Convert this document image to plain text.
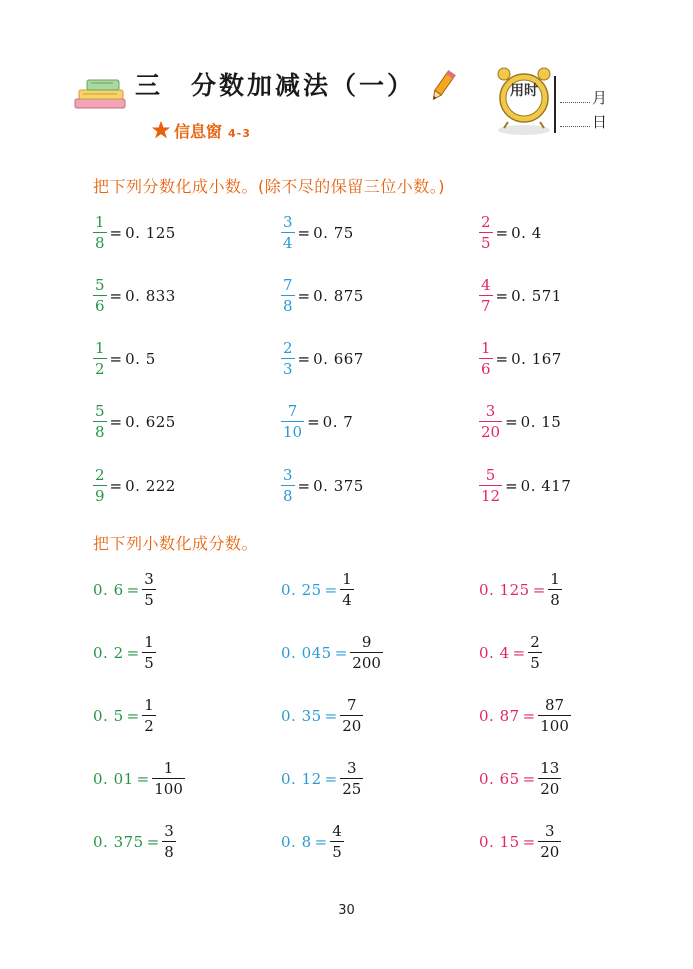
三 分数加减法（一）	用时	月
日
信息窗 4-3
把下列分数化成小数。(除不尽的保留三位小数。)
$\frac{1}{8} = 0$. 125	$\frac{3}{4} = 0$. 75	$\frac{2}{5} = 0$. 4
$\frac{5}{6} = 0$. 833	$\frac{7}{8} = 0$. 875	$\frac{4}{7} = 0$. 571
$\frac{1}{2} = 0$. 5	$\frac{2}{3} = 0$. 667	$\frac{1}{6} = 0$. 167
$\frac{5}{8} = 0$. 625	$\frac{7}{10} = 0$. 7	$\frac{3}{20} = 0$. 15
$\frac{2}{9} = 0$. 222	$\frac{3}{8} = 0$. 375	$\frac{5}{12} = 0$. 417
把下列小数化成分数。
0. $6 = \frac{3}{5}$	0. $25 = \frac{1}{4}$	0. $125 = \frac{1}{8}$
0. $2 = \frac{1}{5}$	0. $045 = \frac{9}{200}$	0. $4 = \frac{2}{5}$
0. $5 = \frac{1}{2}$	0. $35 = \frac{7}{20}$	0. $87 = \frac{87}{100}$
0. $01 = \frac{1}{100}$	0. $12 = \frac{3}{25}$	0. $65 = \frac{13}{20}$
0. $375 = \frac{3}{8}$	0. $8 = \frac{4}{5}$	0. $15 = \frac{3}{20}$
30
